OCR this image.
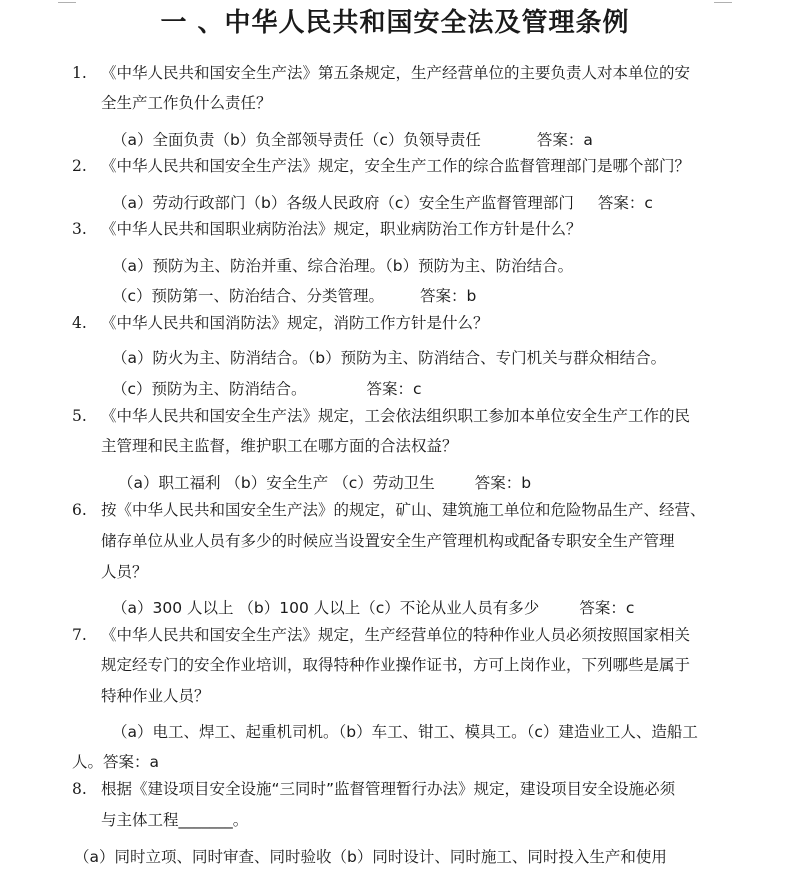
一 、中华人民共和国安全法及管理条例
1. 《中华人民共和国安全生产法》第五条规定，生产经营单位的主要负责人对本单位的安
全生产工作负什么责任？
（a）全面负责（b）负全部领导责任（c）负领导责任	答案：a
2. 《中华人民共和国安全生产法》规定，安全生产工作的综合监督管理部门是哪个部门？
（a）劳动行政部门（b）各级人民政府（c）安全生产监督管理部门 答案：c
3. 《中华人民共和国职业病防治法》规定，职业病防治工作方针是什么？
（a）预防为主、防治并重、综合治理。（b）预防为主、防治结合。
（c）预防第一、防治结合、分类管理。 答案：b
4. 《中华人民共和国消防法》规定，消防工作方针是什么？
（a）防火为主、防消结合。（b）预防为主、防消结合、专门机关与群众相结合。
（c）预防为主、防消结合。	答案：c
5. 《中华人民共和国安全生产法》规定，工会依法组织职工参加本单位安全生产工作的民
主管理和民主监督，维护职工在哪方面的合法权益？
（a）职工福利 （b）安全生产 （c）劳动卫生	答案：b
6. 按《中华人民共和国安全生产法》的规定，矿山、建筑施工单位和危险物品生产、经营、
储存单位从业人员有多少的时候应当设置安全生产管理机构或配备专职安全生产管理
人员？
（a）300 人以上 （b）100 人以上（c）不论从业人员有多少	答案：c
7. 《中华人民共和国安全生产法》规定，生产经营单位的特种作业人员必须按照国家相关
规定经专门的安全作业培训，取得特种作业操作证书，方可上岗作业，下列哪些是属于
特种作业人员？
（a）电工、焊工、起重机司机。（b）车工、钳工、模具工。（c）建造业工人、造船工
人。答案：a
8. 根据《建设项目安全设施“三同时”监督管理暂行办法》规定，建设项目安全设施必须
与主体工程_______。
（a）同时立项、同时审查、同时验收（b）同时设计、同时施工、同时投入生产和使用
